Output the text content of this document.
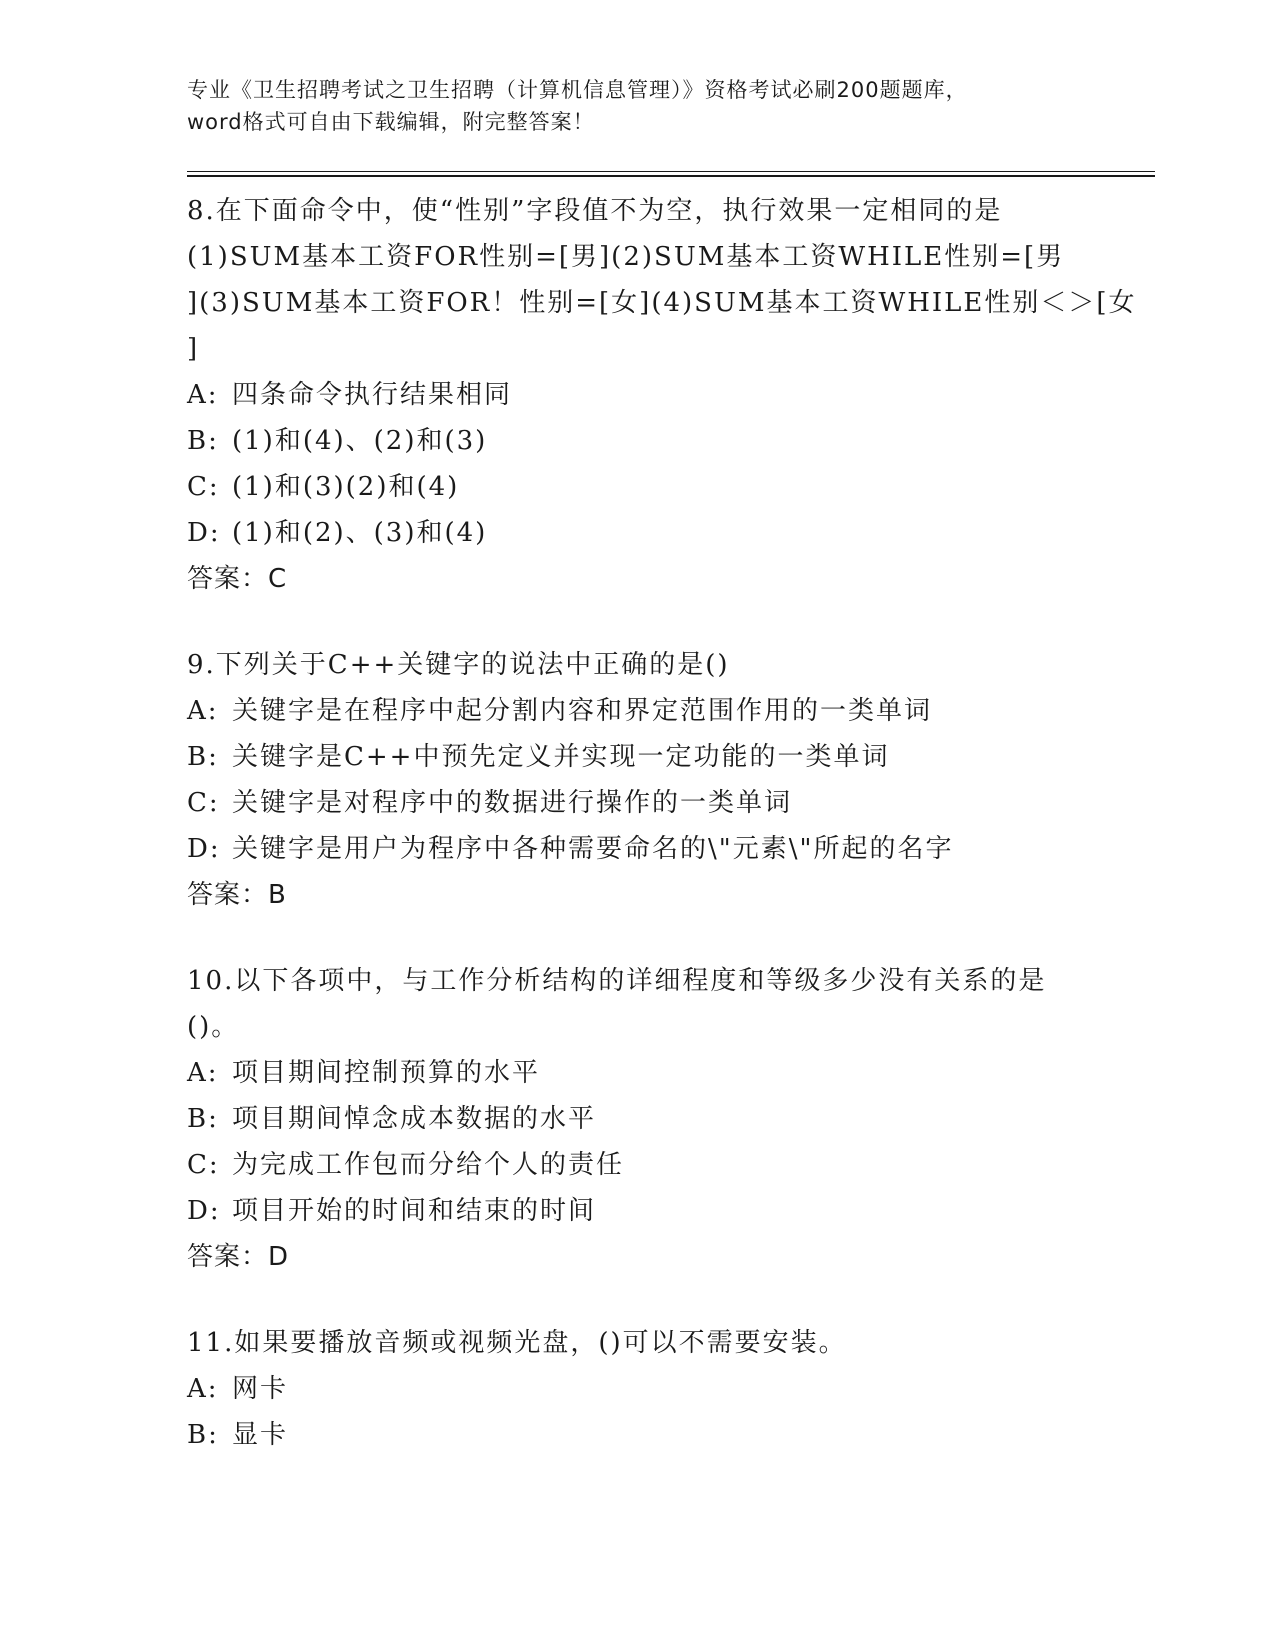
专业《卫生招聘考试之卫生招聘（计算机信息管理）》资格考试必刷200题题库，
word格式可自由下载编辑，附完整答案！
8.在下面命令中，使“性别”字段值不为空，执行效果一定相同的是
(1)SUM基本工资FOR性别=[男](2)SUM基本工资WHILE性别=[男
](3)SUM基本工资FOR！性别=[女](4)SUM基本工资WHILE性别＜＞[女
]
A: 四条命令执行结果相同
B: (1)和(4)、(2)和(3)
C: (1)和(3)(2)和(4)
D: (1)和(2)、(3)和(4)
答案：C
9.下列关于C++关键字的说法中正确的是()
A: 关键字是在程序中起分割内容和界定范围作用的一类单词
B: 关键字是C++中预先定义并实现一定功能的一类单词
C: 关键字是对程序中的数据进行操作的一类单词
D: 关键字是用户为程序中各种需要命名的\"元素\"所起的名字
答案：B
10.以下各项中，与工作分析结构的详细程度和等级多少没有关系的是
()。
A: 项目期间控制预算的水平
B: 项目期间悼念成本数据的水平
C: 为完成工作包而分给个人的责任
D: 项目开始的时间和结束的时间
答案：D
11.如果要播放音频或视频光盘，()可以不需要安装。
A: 网卡
B: 显卡
